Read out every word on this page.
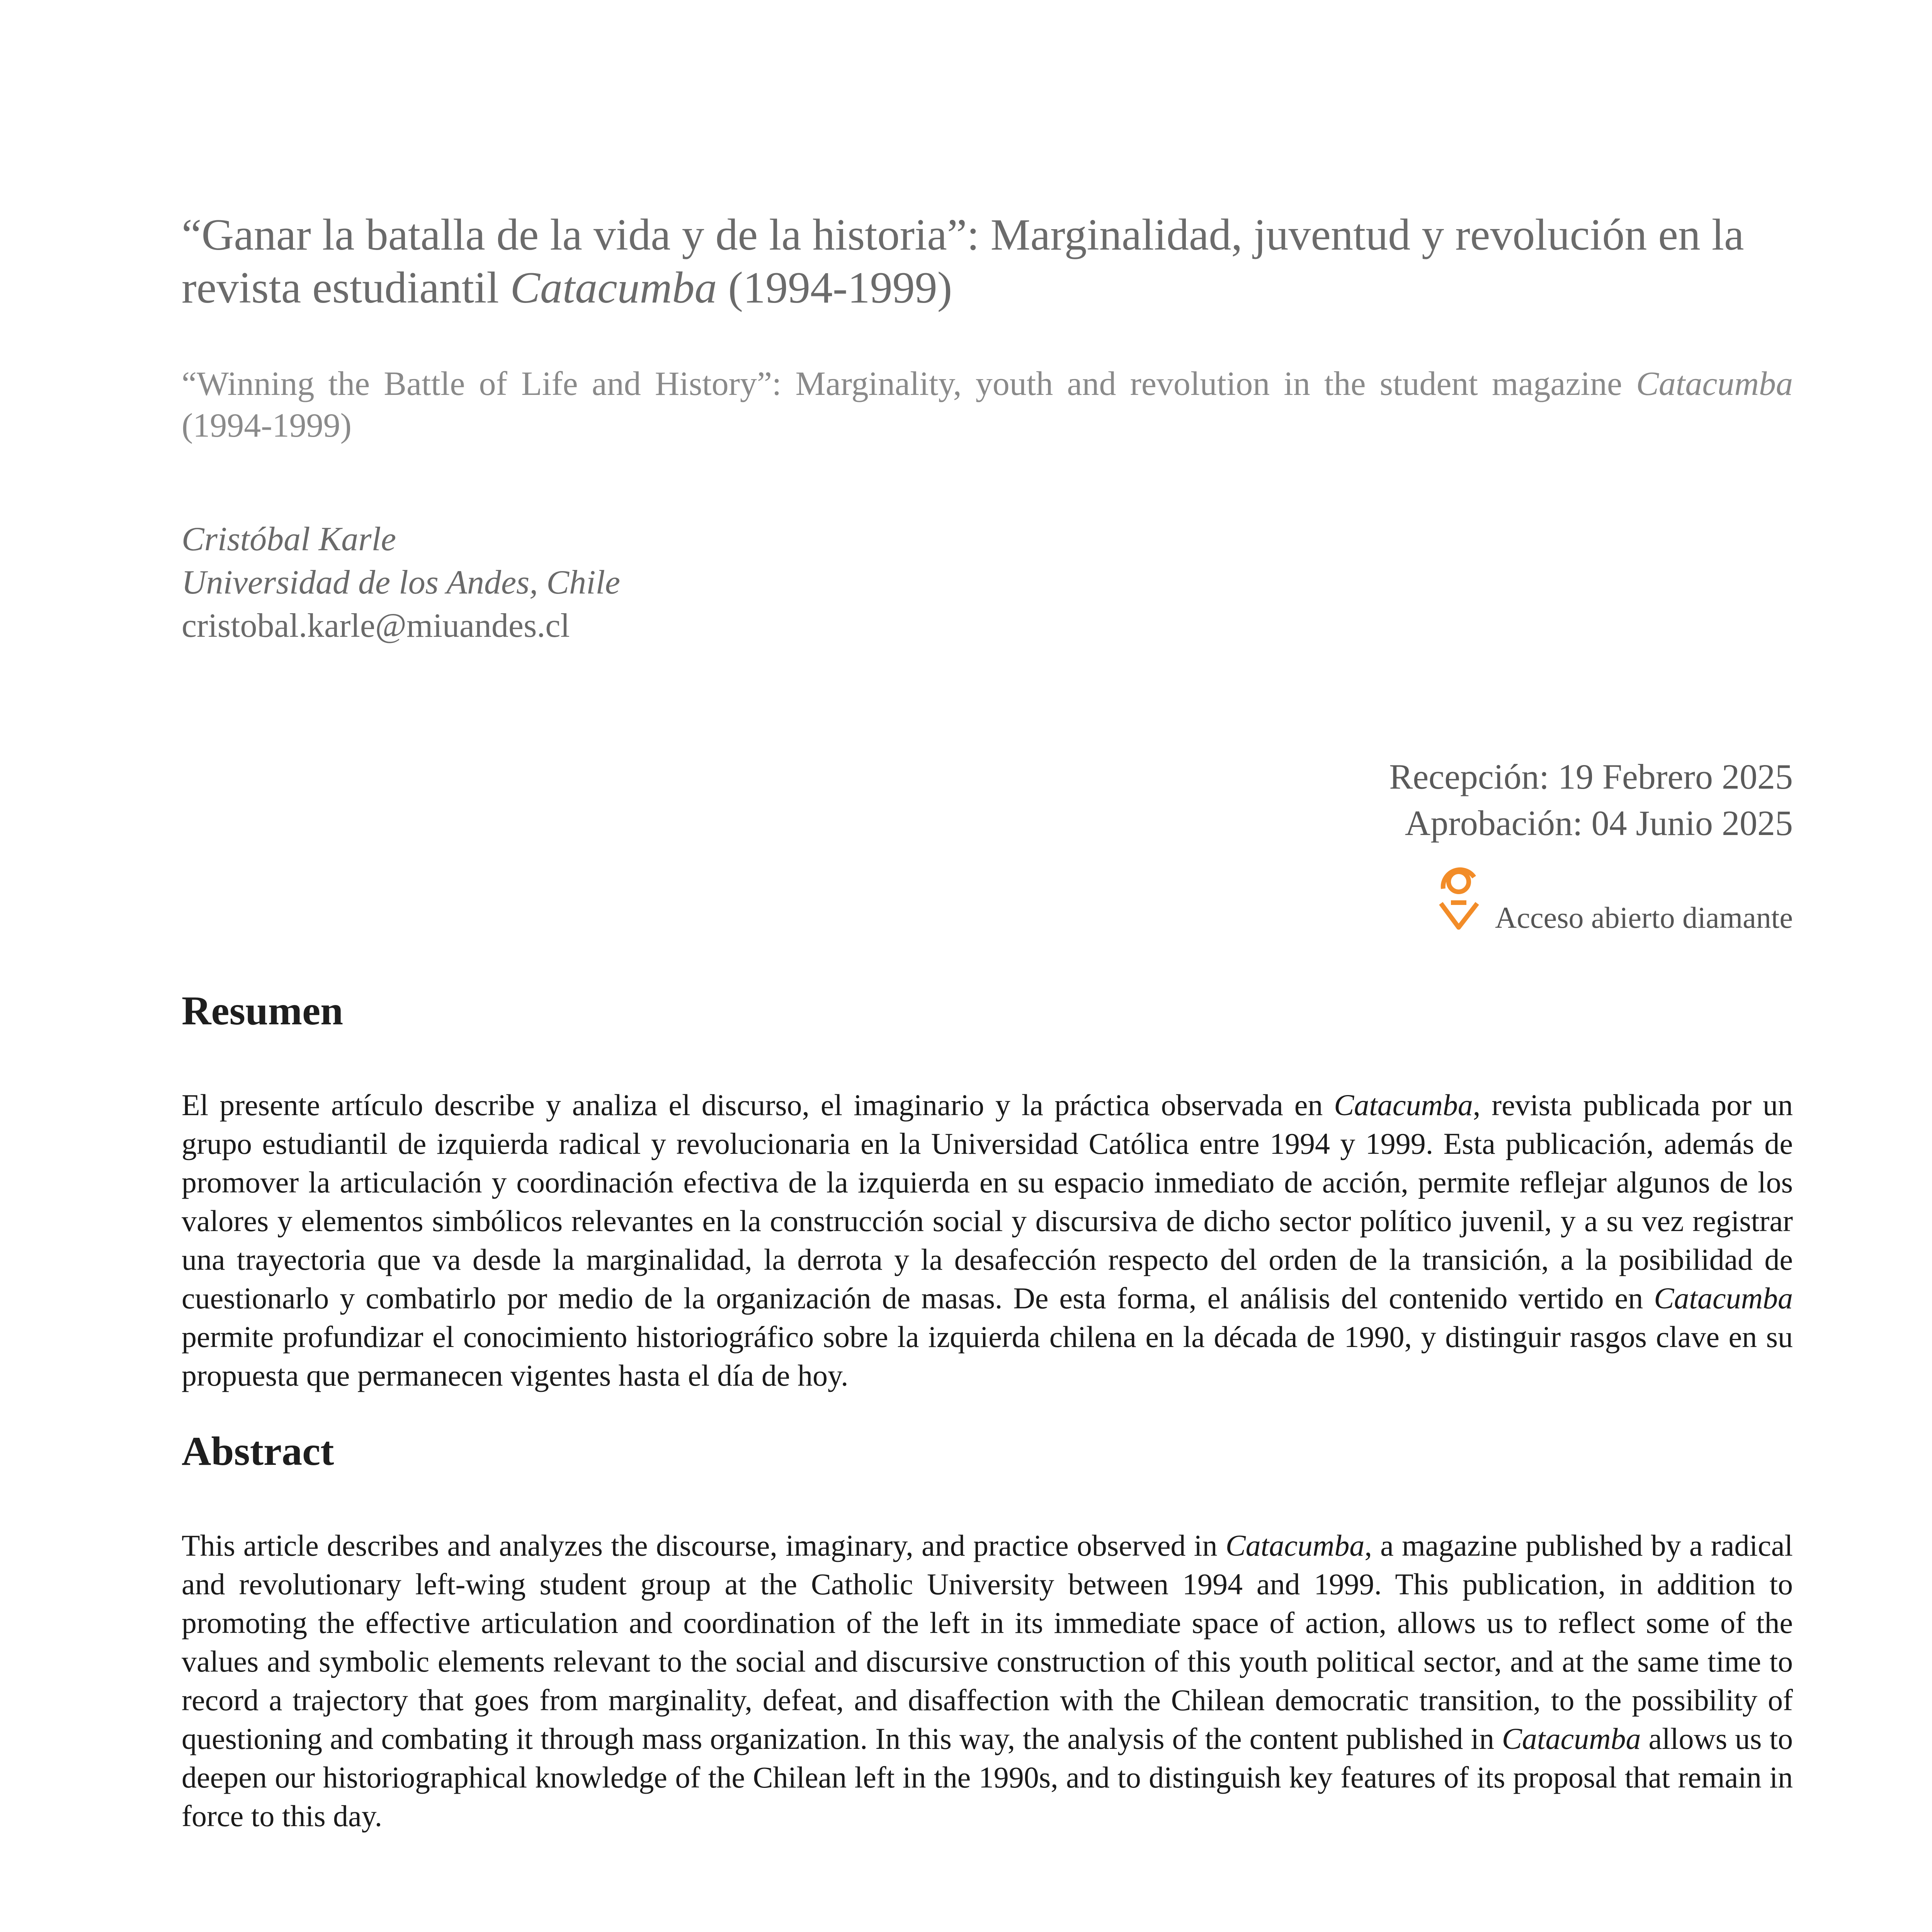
“Ganar la batalla de la vida y de la historia”: Marginalidad, juventud y revolución en la revista estudiantil Catacumba (1994-1999)

“Winning the Battle of Life and History”: Marginality, youth and revolution in the student magazine Catacumba (1994-1999)

Cristóbal Karle
Universidad de los Andes, Chile
cristobal.karle@miuandes.cl
Recepción: 19 Febrero 2025
Aprobación: 04 Junio 2025
Acceso abierto diamante
Resumen

El presente artículo describe y analiza el discurso, el imaginario y la práctica observada en Catacumba, revista publicada por un grupo estudiantil de izquierda radical y revolucionaria en la Universidad Católica entre 1994 y 1999. Esta publicación, además de promover la articulación y coordinación efectiva de la izquierda en su espacio inmediato de acción, permite reflejar algunos de los valores y elementos simbólicos relevantes en la construcción social y discursiva de dicho sector político juvenil, y a su vez registrar una trayectoria que va desde la marginalidad, la derrota y la desafección respecto del orden de la transición, a la posibilidad de cuestionarlo y combatirlo por medio de la organización de masas. De esta forma, el análisis del contenido vertido en Catacumba permite profundizar el conocimiento historiográfico sobre la izquierda chilena en la década de 1990, y distinguir rasgos clave en su propuesta que permanecen vigentes hasta el día de hoy.

Abstract

This article describes and analyzes the discourse, imaginary, and practice observed in Catacumba, a magazine published by a radical and revolutionary left-wing student group at the Catholic University between 1994 and 1999. This publication, in addition to promoting the effective articulation and coordination of the left in its immediate space of action, allows us to reflect some of the values and symbolic elements relevant to the social and discursive construction of this youth political sector, and at the same time to record a trajectory that goes from marginality, defeat, and disaffection with the Chilean democratic transition, to the possibility of questioning and combating it through mass organization. In this way, the analysis of the content published in Catacumba allows us to deepen our historiographical knowledge of the Chilean left in the 1990s, and to distinguish key features of its proposal that remain in force to this day.
